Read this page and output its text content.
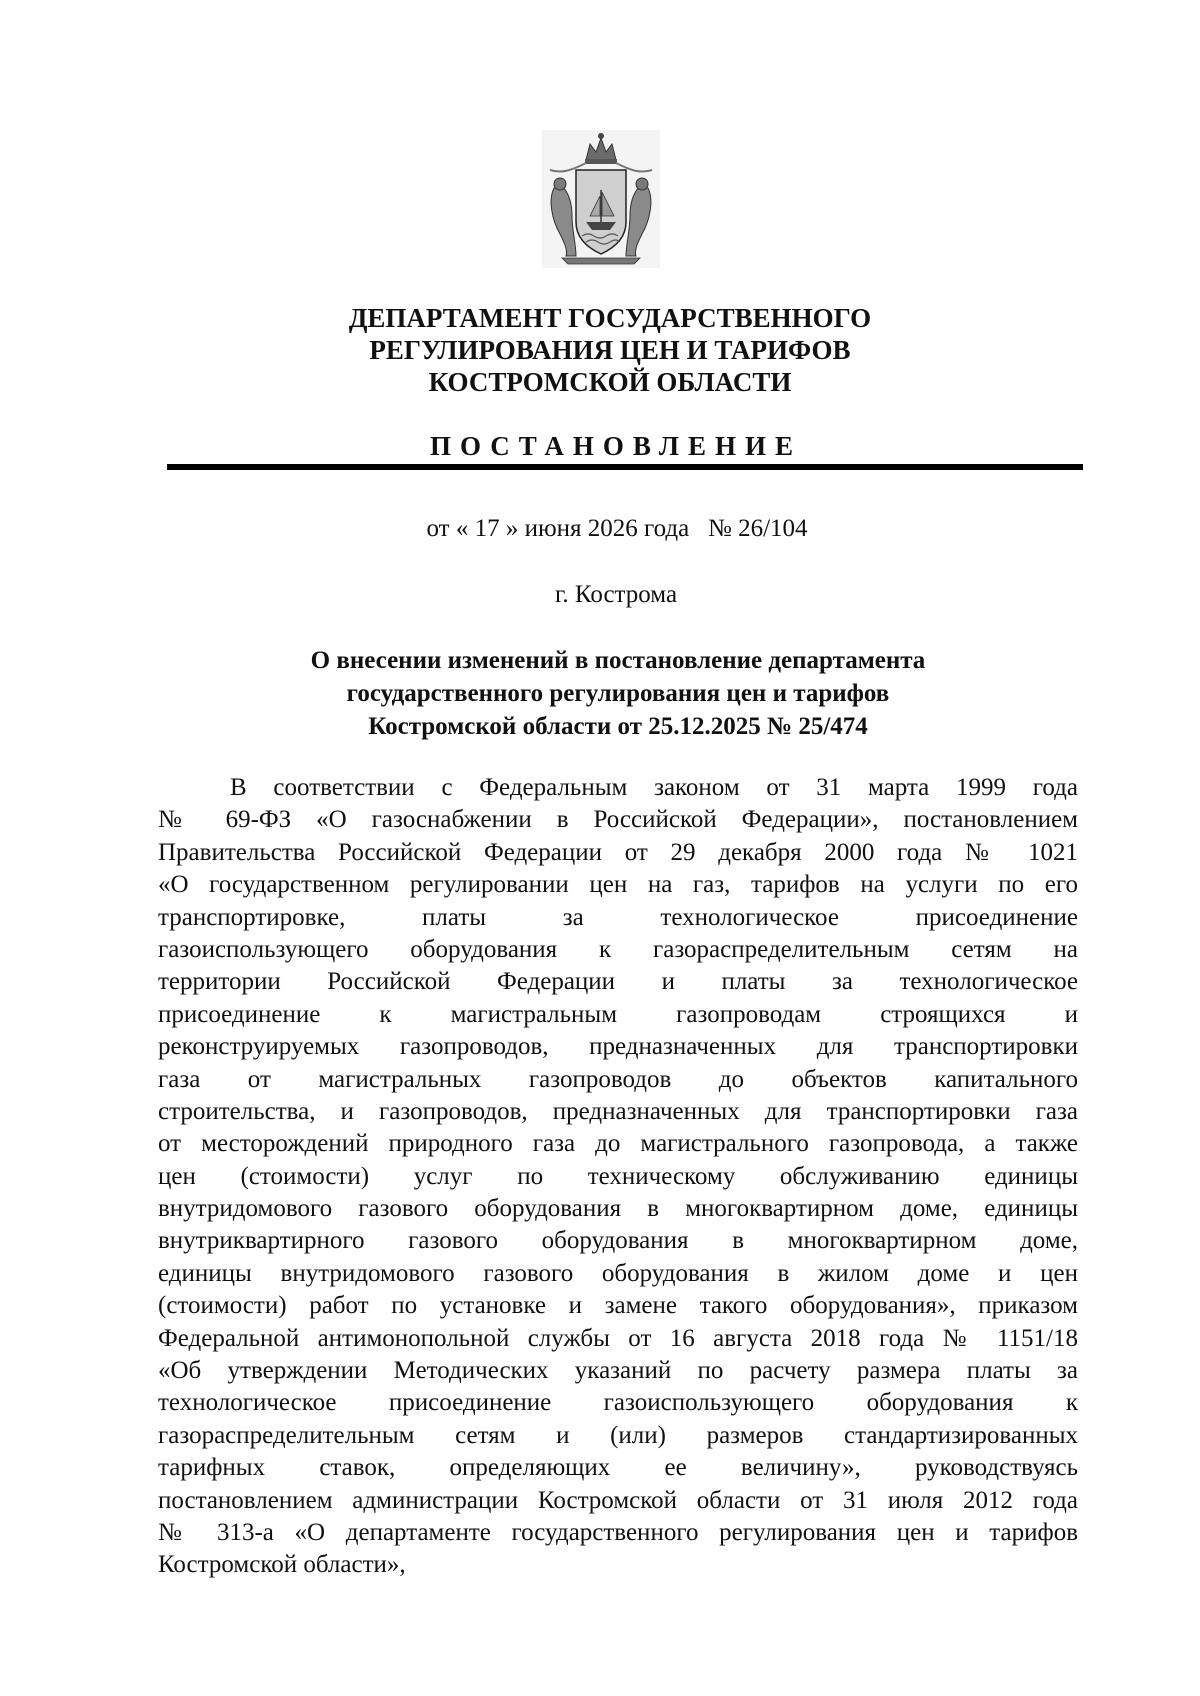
ДЕПАРТАМЕНТ ГОСУДАРСТВЕННОГО
РЕГУЛИРОВАНИЯ ЦЕН И ТАРИФОВ
КОСТРОМСКОЙ ОБЛАСТИ
ПОСТАНОВЛЕНИЕ
от « 17 » июня 2026 года   № 26/104
г. Кострома
О внесении изменений в постановление департамента
государственного регулирования цен и тарифов
Костромской области от 25.12.2025 № 25/474
В соответствии с Федеральным законом от 31 марта 1999 года
№ 69-ФЗ «О газоснабжении в Российской Федерации», постановлением
Правительства Российской Федерации от 29 декабря 2000 года № 1021
«О государственном регулировании цен на газ, тарифов на услуги по его
транспортировке, платы за технологическое присоединение
газоиспользующего оборудования к газораспределительным сетям на
территории Российской Федерации и платы за технологическое
присоединение к магистральным газопроводам строящихся и
реконструируемых газопроводов, предназначенных для транспортировки
газа от магистральных газопроводов до объектов капитального
строительства, и газопроводов, предназначенных для транспортировки газа
от месторождений природного газа до магистрального газопровода, а также
цен (стоимости) услуг по техническому обслуживанию единицы
внутридомового газового оборудования в многоквартирном доме, единицы
внутриквартирного газового оборудования в многоквартирном доме,
единицы внутридомового газового оборудования в жилом доме и цен
(стоимости) работ по установке и замене такого оборудования», приказом
Федеральной антимонопольной службы от 16 августа 2018 года № 1151/18
«Об утверждении Методических указаний по расчету размера платы за
технологическое присоединение газоиспользующего оборудования к
газораспределительным сетям и (или) размеров стандартизированных
тарифных ставок, определяющих ее величину», руководствуясь
постановлением администрации Костромской области от 31 июля 2012 года
№ 313-а «О департаменте государственного регулирования цен и тарифов
Костромской области»,
